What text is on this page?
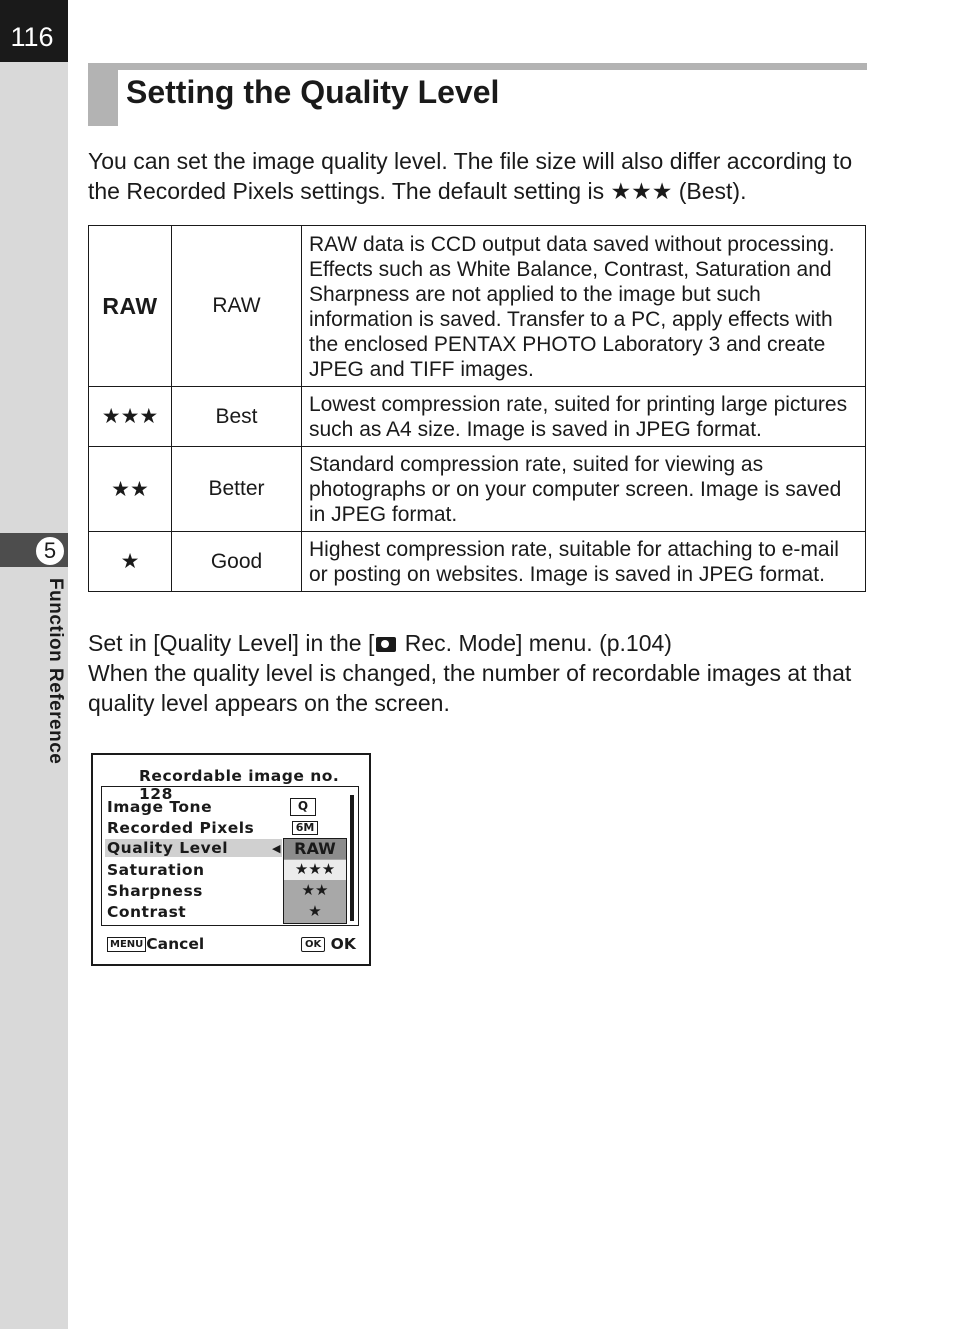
116
5
Function Reference
Setting the Quality Level

You can set the image quality level. The file size will also differ according to the Recorded Pixels settings. The default setting is ★★★ (Best).

RAW	RAW	RAW data is CCD output data saved without processing. Effects such as White Balance, Contrast, Saturation and Sharpness are not applied to the image but such information is saved. Transfer to a PC, apply effects with the enclosed PENTAX PHOTO Laboratory 3 and create JPEG and TIFF images.
★★★	Best	Lowest compression rate, suited for printing large pictures such as A4 size. Image is saved in JPEG format.
★★	Better	Standard compression rate, suited for viewing as photographs or on your computer screen. Image is saved in JPEG format.
★	Good	Highest compression rate, suitable for attaching to e-mail or posting on websites. Image is saved in JPEG format.
Set in [Quality Level] in the [ Rec. Mode] menu. (p.104)
When the quality level is changed, the number of recordable images at that quality level appears on the screen.
Recordable image no. 128
Image Tone
Recorded Pixels
Quality Level
Saturation
Sharpness
Contrast
Q
6M
◀ RAW
★★★
★★
★
MENU Cancel	OK OK
